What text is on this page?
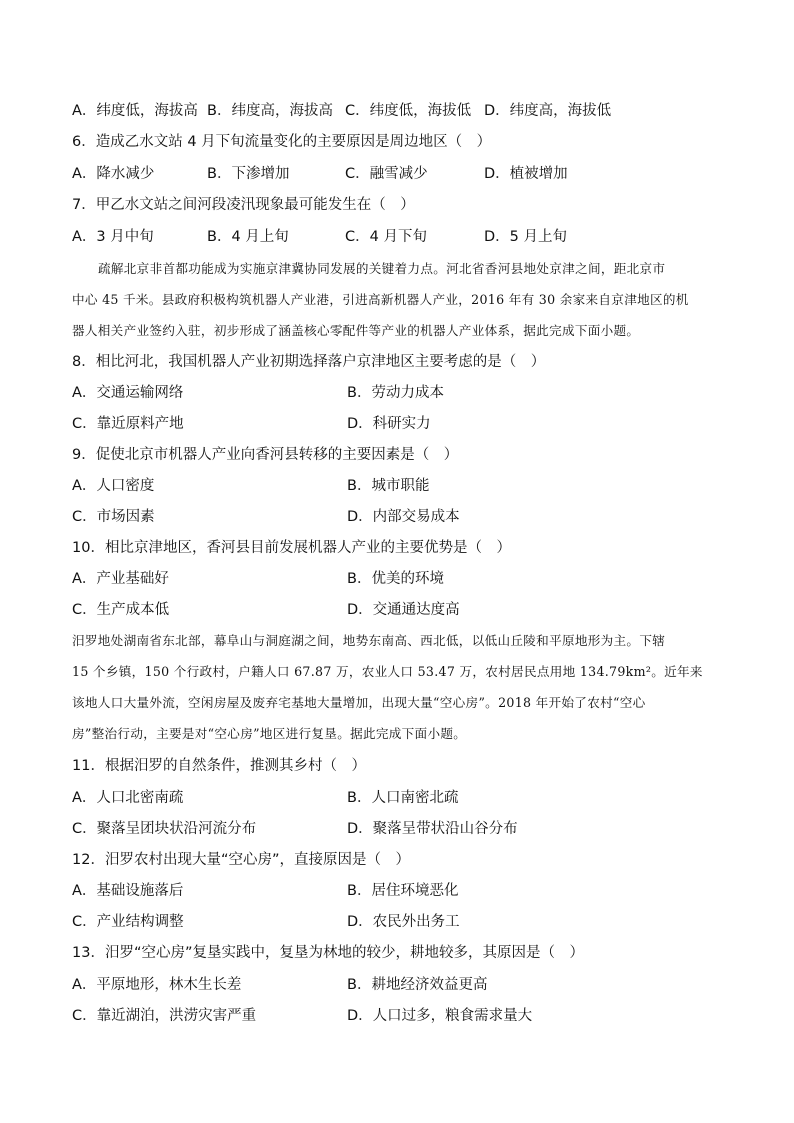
A．纬度低，海拔高 B．纬度高，海拔高 C．纬度低，海拔低 D．纬度高，海拔低
6．造成乙水文站 4 月下旬流量变化的主要原因是周边地区（　）
A．降水减少	B．下渗增加	C．融雪减少	D．植被增加
7．甲乙水文站之间河段凌汛现象最可能发生在（　）
A．3 月中旬	B．4 月上旬	C．4 月下旬	D．5 月上旬
疏解北京非首都功能成为实施京津冀协同发展的关键着力点。河北省香河县地处京津之间，距北京市
中心 45 千米。县政府积极构筑机器人产业港，引进高新机器人产业，2016 年有 30 余家来自京津地区的机
器人相关产业签约入驻，初步形成了涵盖核心零配件等产业的机器人产业体系，据此完成下面小题。
8．相比河北，我国机器人产业初期选择落户京津地区主要考虑的是（　）
A．交通运输网络	B．劳动力成本
C．靠近原料产地	D．科研实力
9．促使北京市机器人产业向香河县转移的主要因素是（　）
A．人口密度	B．城市职能
C．市场因素	D．内部交易成本
10．相比京津地区，香河县目前发展机器人产业的主要优势是（　）
A．产业基础好	B．优美的环境
C．生产成本低	D．交通通达度高
汨罗地处湖南省东北部，幕阜山与洞庭湖之间，地势东南高、西北低，以低山丘陵和平原地形为主。下辖
15 个乡镇，150 个行政村，户籍人口 67.87 万，农业人口 53.47 万，农村居民点用地 134.79km²。近年来
该地人口大量外流，空闲房屋及废弃宅基地大量增加，出现大量“空心房”。2018 年开始了农村“空心
房”整治行动，主要是对“空心房”地区进行复垦。据此完成下面小题。
11．根据汨罗的自然条件，推测其乡村（　）
A．人口北密南疏	B．人口南密北疏
C．聚落呈团块状沿河流分布	D．聚落呈带状沿山谷分布
12．汨罗农村出现大量“空心房”，直接原因是（　）
A．基础设施落后	B．居住环境恶化
C．产业结构调整	D．农民外出务工
13．汨罗“空心房”复垦实践中，复垦为林地的较少，耕地较多，其原因是（　）
A．平原地形，林木生长差	B．耕地经济效益更高
C．靠近湖泊，洪涝灾害严重	D．人口过多，粮食需求量大
